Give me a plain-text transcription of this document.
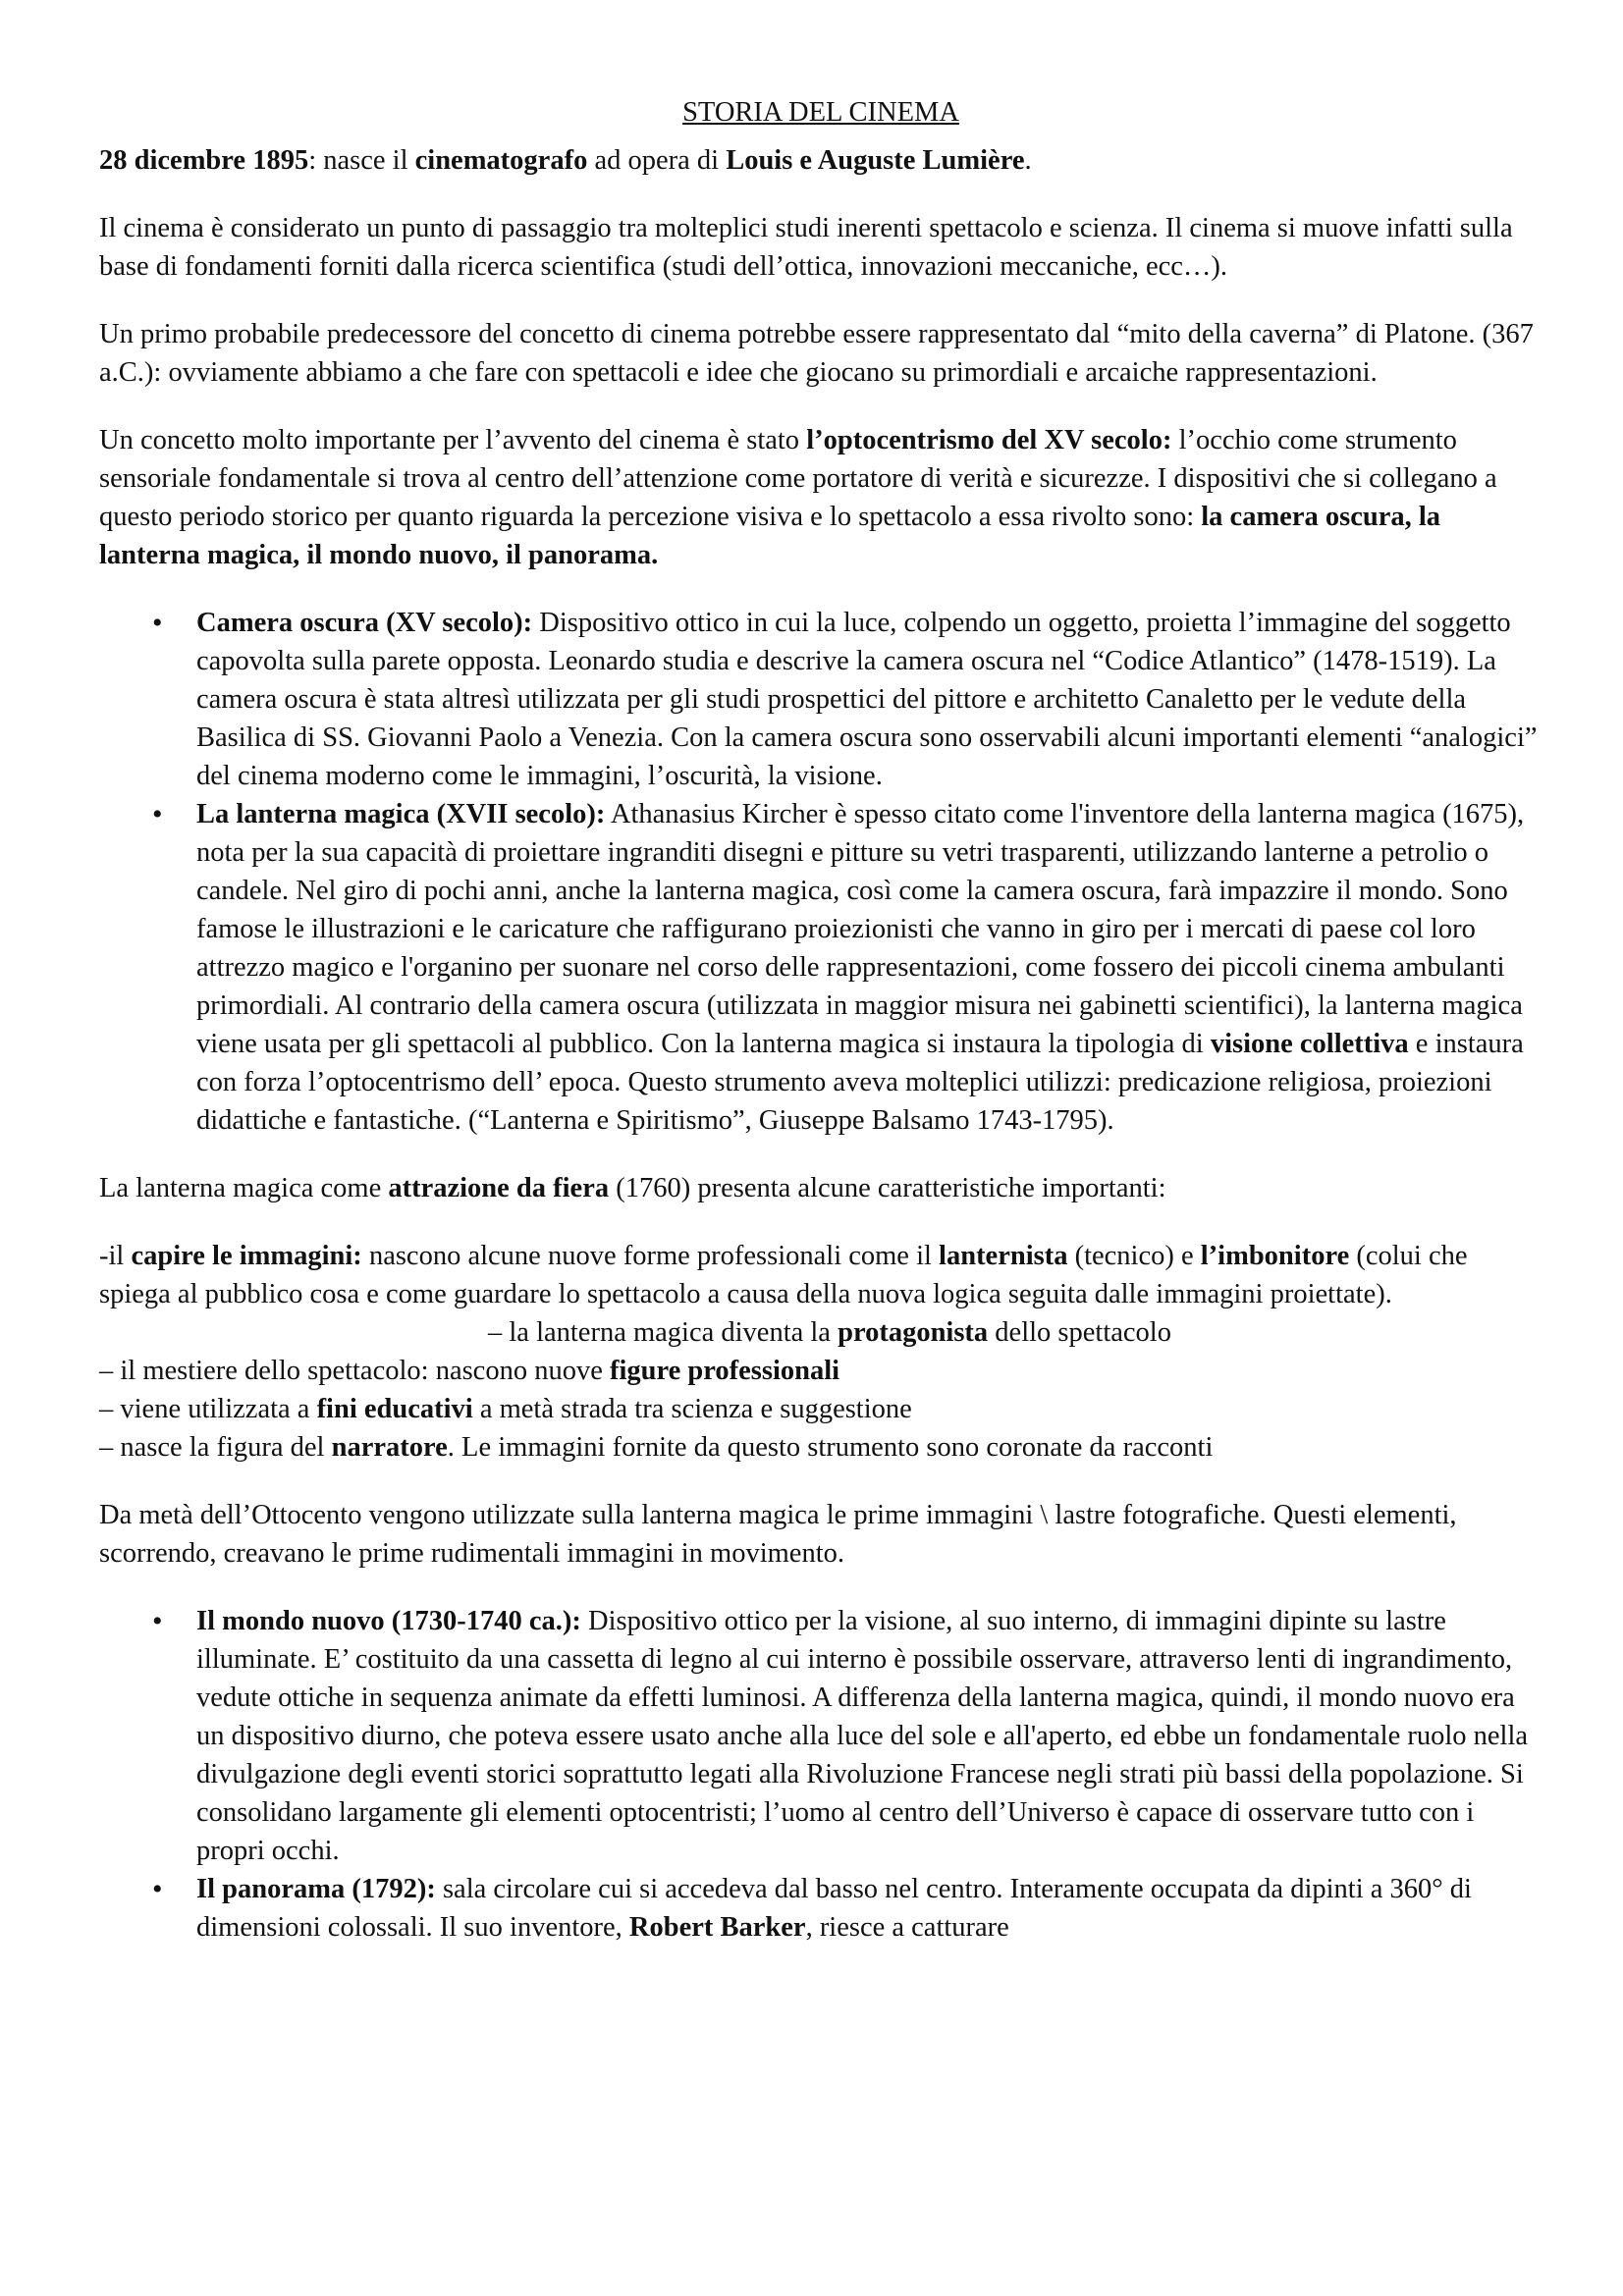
STORIA DEL CINEMA

28 dicembre 1895: nasce il cinematografo ad opera di Louis e Auguste Lumière.

Il cinema è considerato un punto di passaggio tra molteplici studi inerenti spettacolo e scienza. Il cinema si muove infatti sulla base di fondamenti forniti dalla ricerca scientifica (studi dell’ottica, innovazioni meccaniche, ecc…).

Un primo probabile predecessore del concetto di cinema potrebbe essere rappresentato dal “mito della caverna” di Platone. (367 a.C.): ovviamente abbiamo a che fare con spettacoli e idee che giocano su primordiali e arcaiche rappresentazioni.

Un concetto molto importante per l’avvento del cinema è stato l’optocentrismo del XV secolo: l’occhio come strumento sensoriale fondamentale si trova al centro dell’attenzione come portatore di verità e sicurezze. I dispositivi che si collegano a questo periodo storico per quanto riguarda la percezione visiva e lo spettacolo a essa rivolto sono: la camera oscura, la lanterna magica, il mondo nuovo, il panorama.

• Camera oscura (XV secolo): Dispositivo ottico in cui la luce, colpendo un oggetto, proietta l’immagine del soggetto capovolta sulla parete opposta. Leonardo studia e descrive la camera oscura nel “Codice Atlantico” (1478-1519). La camera oscura è stata altresì utilizzata per gli studi prospettici del pittore e architetto Canaletto per le vedute della Basilica di SS. Giovanni Paolo a Venezia. Con la camera oscura sono osservabili alcuni importanti elementi “analogici” del cinema moderno come le immagini, l’oscurità, la visione.
• La lanterna magica (XVII secolo): Athanasius Kircher è spesso citato come l'inventore della lanterna magica (1675), nota per la sua capacità di proiettare ingranditi disegni e pitture su vetri trasparenti, utilizzando lanterne a petrolio o candele. Nel giro di pochi anni, anche la lanterna magica, così come la camera oscura, farà impazzire il mondo. Sono famose le illustrazioni e le caricature che raffigurano proiezionisti che vanno in giro per i mercati di paese col loro attrezzo magico e l'organino per suonare nel corso delle rappresentazioni, come fossero dei piccoli cinema ambulanti primordiali. Al contrario della camera oscura (utilizzata in maggior misura nei gabinetti scientifici), la lanterna magica viene usata per gli spettacoli al pubblico. Con la lanterna magica si instaura la tipologia di visione collettiva e instaura con forza l’optocentrismo dell’ epoca. Questo strumento aveva molteplici utilizzi: predicazione religiosa, proiezioni didattiche e fantastiche. (“Lanterna e Spiritismo”, Giuseppe Balsamo 1743-1795).

La lanterna magica come attrazione da fiera (1760) presenta alcune caratteristiche importanti:

-il capire le immagini: nascono alcune nuove forme professionali come il lanternista (tecnico) e l’imbonitore (colui che spiega al pubblico cosa e come guardare lo spettacolo a causa della nuova logica seguita dalle immagini proiettate).– la lanterna magica diventa la protagonista dello spettacolo
– il mestiere dello spettacolo: nascono nuove figure professionali
– viene utilizzata a fini educativi a metà strada tra scienza e suggestione
– nasce la figura del narratore. Le immagini fornite da questo strumento sono coronate da racconti

Da metà dell’Ottocento vengono utilizzate sulla lanterna magica le prime immagini \ lastre fotografiche. Questi elementi, scorrendo, creavano le prime rudimentali immagini in movimento.

• Il mondo nuovo (1730-1740 ca.): Dispositivo ottico per la visione, al suo interno, di immagini dipinte su lastre illuminate. E’ costituito da una cassetta di legno al cui interno è possibile osservare, attraverso lenti di ingrandimento, vedute ottiche in sequenza animate da effetti luminosi. A differenza della lanterna magica, quindi, il mondo nuovo era un dispositivo diurno, che poteva essere usato anche alla luce del sole e all'aperto, ed ebbe un fondamentale ruolo nella divulgazione degli eventi storici soprattutto legati alla Rivoluzione Francese negli strati più bassi della popolazione. Si consolidano largamente gli elementi optocentristi; l’uomo al centro dell’Universo è capace di osservare tutto con i propri occhi.
• Il panorama (1792): sala circolare cui si accedeva dal basso nel centro. Interamente occupata da dipinti a 360° di dimensioni colossali. Il suo inventore, Robert Barker, riesce a catturare
